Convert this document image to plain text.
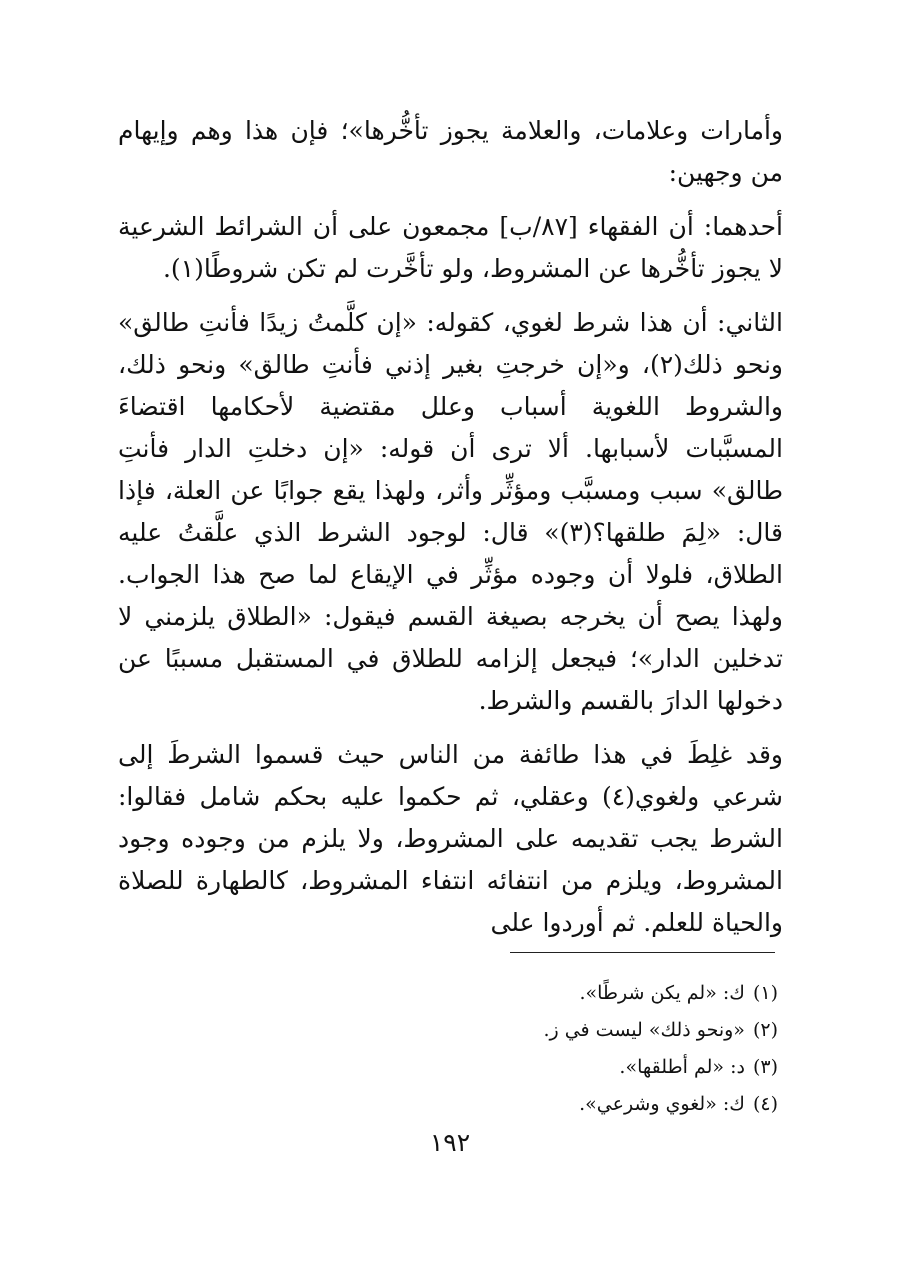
وأمارات وعلامات، والعلامة يجوز تأخُّرها»؛ فإن هذا وهم وإيهام من وجهين:

أحدهما: أن الفقهاء [٨٧/ب] مجمعون على أن الشرائط الشرعية لا يجوز تأخُّرها عن المشروط، ولو تأخَّرت لم تكن شروطًا(١).

الثاني: أن هذا شرط لغوي، كقوله: «إن كلَّمتُ زيدًا فأنتِ طالق» ونحو ذلك(٢)، و«إن خرجتِ بغير إذني فأنتِ طالق» ونحو ذلك، والشروط اللغوية أسباب وعلل مقتضية لأحكامها اقتضاءَ المسبَّبات لأسبابها. ألا ترى أن قوله: «إن دخلتِ الدار فأنتِ طالق» سبب ومسبَّب ومؤثِّر وأثر، ولهذا يقع جوابًا عن العلة، فإذا قال: «لِمَ طلقها؟(٣)» قال: لوجود الشرط الذي علَّقتُ عليه الطلاق، فلولا أن وجوده مؤثِّر في الإيقاع لما صح هذا الجواب. ولهذا يصح أن يخرجه بصيغة القسم فيقول: «الطلاق يلزمني لا تدخلين الدار»؛ فيجعل إلزامه للطلاق في المستقبل مسببًا عن دخولها الدارَ بالقسم والشرط.

وقد غلِطَ في هذا طائفة من الناس حيث قسموا الشرطَ إلى شرعي ولغوي(٤) وعقلي، ثم حكموا عليه بحكم شامل فقالوا: الشرط يجب تقديمه على المشروط، ولا يلزم من وجوده وجود المشروط، ويلزم من انتفائه انتفاء المشروط، كالطهارة للصلاة والحياة للعلم. ثم أوردوا على

(١)ك: «لم يكن شرطًا».
(٢)«ونحو ذلك» ليست في ز.
(٣)د: «لم أطلقها».
(٤)ك: «لغوي وشرعي».
١٩٢
